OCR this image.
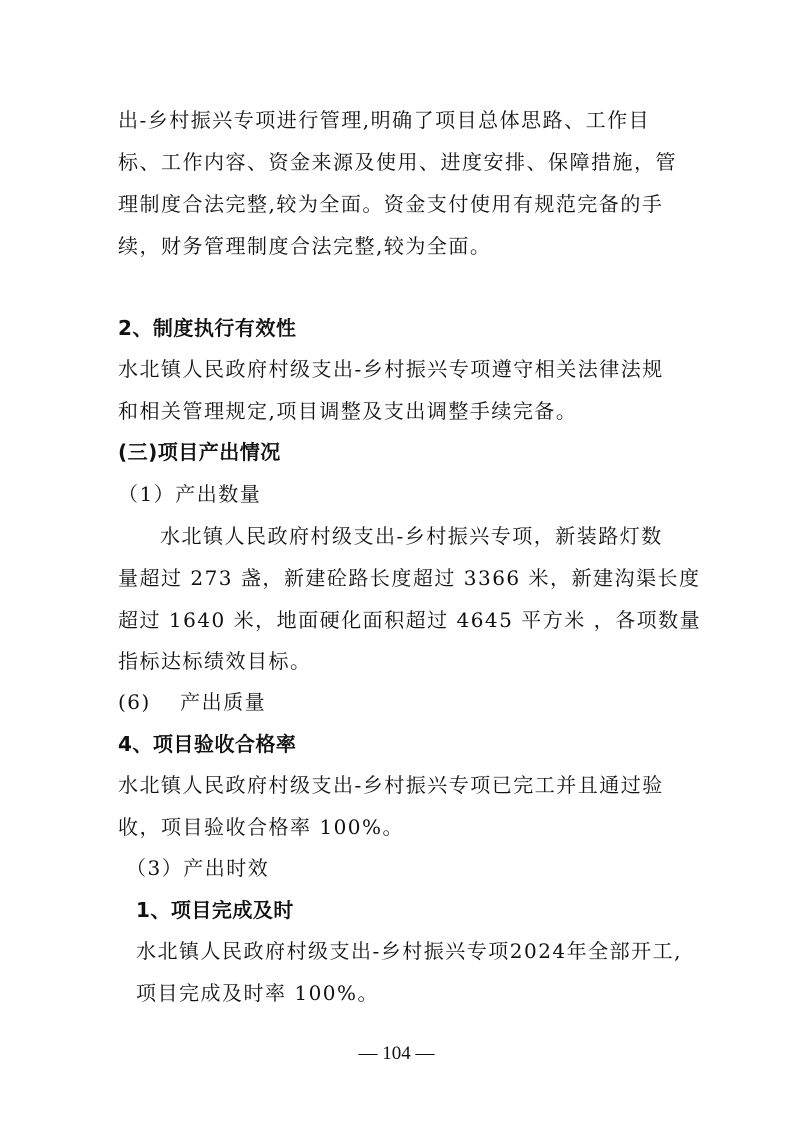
出-乡村振兴专项进行管理,明确了项目总体思路、工作目

标、工作内容、资金来源及使用、进度安排、保障措施，管

理制度合法完整,较为全面。资金支付使用有规范完备的手

续，财务管理制度合法完整,较为全面。

2、制度执行有效性

水北镇人民政府村级支出-乡村振兴专项遵守相关法律法规

和相关管理规定,项目调整及支出调整手续完备。

(三)项目产出情况

（1）产出数量

水北镇人民政府村级支出-乡村振兴专项，新装路灯数

量超过 273 盏，新建砼路长度超过 3366 米，新建沟渠长度

超过 1640 米，地面硬化面积超过 4645 平方米 ，各项数量

指标达标绩效目标。

(6)　 产出质量

4、项目验收合格率

水北镇人民政府村级支出-乡村振兴专项已完工并且通过验

收，项目验收合格率 100%。

（3）产出时效

1、项目完成及时

水北镇人民政府村级支出-乡村振兴专项2024年全部开工,

项目完成及时率 100%。

— 104 —
